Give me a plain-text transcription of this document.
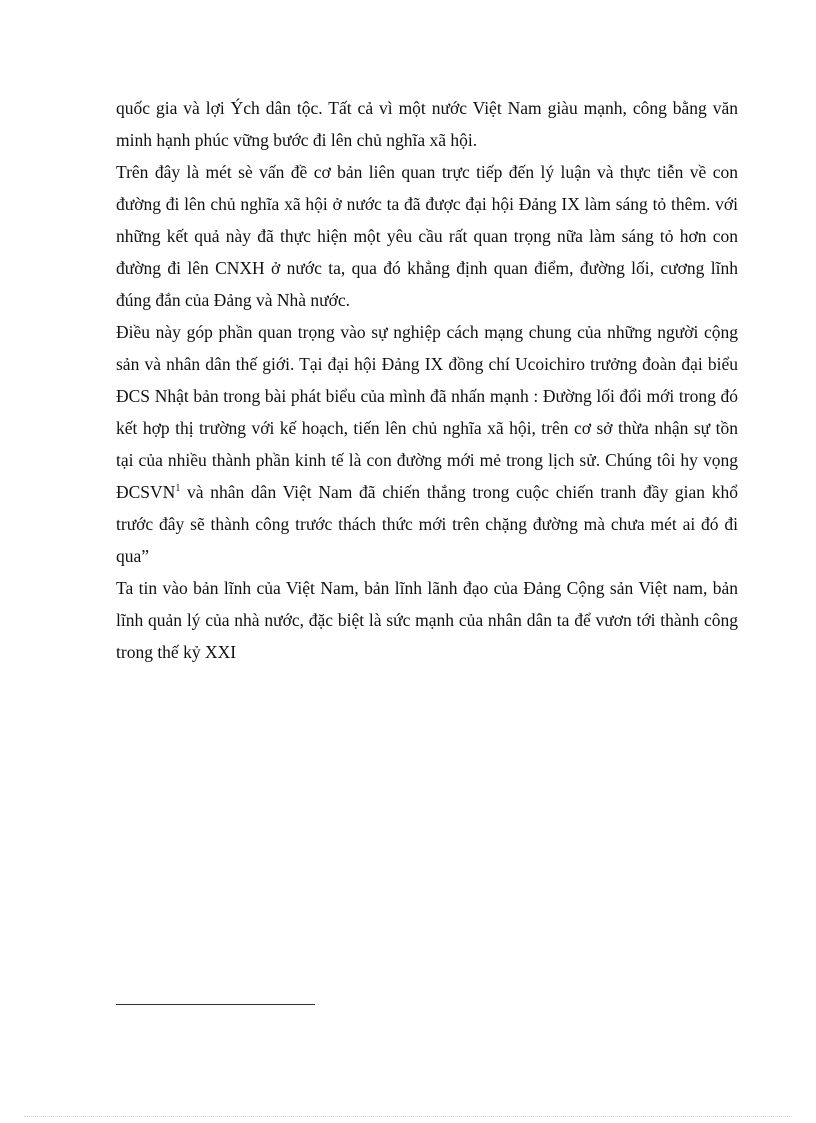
quốc gia và lợi Ých dân tộc. Tất cả vì một nước Việt Nam giàu mạnh, công bằng văn minh hạnh phúc vững bước đi lên chủ nghĩa xã hội.

Trên đây là mét sè vấn đề cơ bản liên quan trực tiếp đến lý luận và thực tiễn về con đường đi lên chủ nghĩa xã hội ở nước ta đã được đại hội Đảng IX làm sáng tỏ thêm. với những kết quả này đã thực hiện một yêu cầu rất quan trọng nữa làm sáng tỏ hơn con đường đi lên CNXH ở nước ta, qua đó khẳng định quan điểm, đường lối, cương lĩnh đúng đắn của Đảng và Nhà nước.

Điều này góp phần quan trọng vào sự nghiệp cách mạng chung của những người cộng sản và nhân dân thế giới. Tại đại hội Đảng IX đồng chí Ucoichiro trưởng đoàn đại biểu ĐCS Nhật bản trong bài phát biểu của mình đã nhấn mạnh : Đường lối đổi mới trong đó kết hợp thị trường với kế hoạch, tiến lên chủ nghĩa xã hội, trên cơ sở thừa nhận sự tồn tại của nhiều thành phần kinh tế là con đường mới mẻ trong lịch sử. Chúng tôi hy vọng ĐCSVN$^1$ và nhân dân Việt Nam đã chiến thắng trong cuộc chiến tranh đầy gian khổ trước đây sẽ thành công trước thách thức mới trên chặng đường mà chưa mét ai đó đi qua”

Ta tin vào bản lĩnh của Việt Nam, bản lĩnh lãnh đạo của Đảng Cộng sản Việt nam, bản lĩnh quản lý của nhà nước, đặc biệt là sức mạnh của nhân dân ta để vươn tới thành công trong thế kỷ XXI
